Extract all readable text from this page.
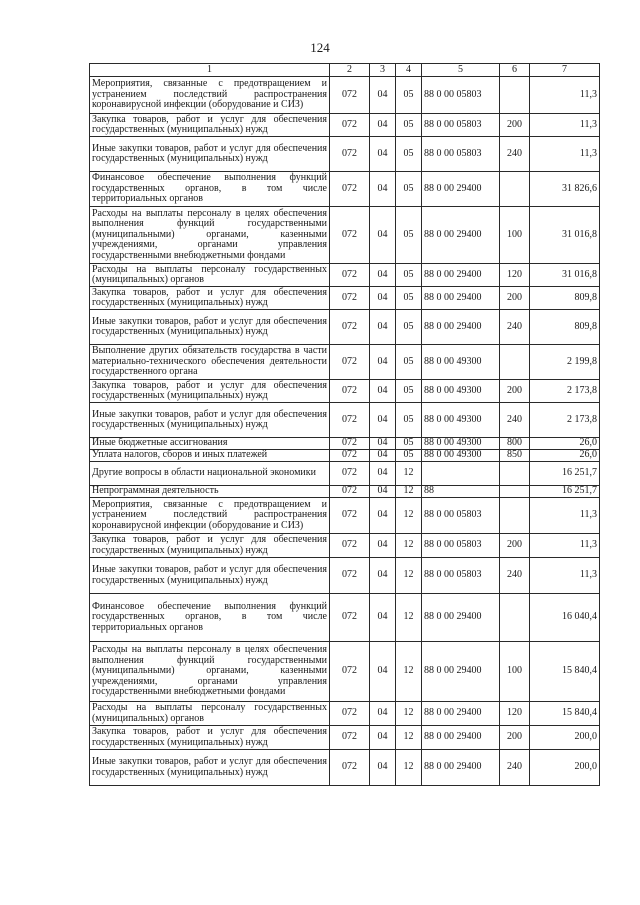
124
1	2	3	4	5	6	7
Мероприятия, связанные с предотвращением и устранением последствий распространения коронавирусной инфекции (оборудование и СИЗ)	072	04	05	88 0 00 05803		11,3
Закупка товаров, работ и услуг для обеспечения государственных (муниципальных) нужд	072	04	05	88 0 00 05803	200	11,3
Иные закупки товаров, работ и услуг для обеспечения государственных (муниципальных) нужд	072	04	05	88 0 00 05803	240	11,3
Финансовое обеспечение выполнения функций государственных органов, в том числе территориальных органов	072	04	05	88 0 00 29400		31 826,6
Расходы на выплаты персоналу в целях обеспечения выполнения функций государственными (муниципальными) органами, казенными учреждениями, органами управления государственными внебюджетными фондами	072	04	05	88 0 00 29400	100	31 016,8
Расходы на выплаты персоналу государственных (муниципальных) органов	072	04	05	88 0 00 29400	120	31 016,8
Закупка товаров, работ и услуг для обеспечения государственных (муниципальных) нужд	072	04	05	88 0 00 29400	200	809,8
Иные закупки товаров, работ и услуг для обеспечения государственных (муниципальных) нужд	072	04	05	88 0 00 29400	240	809,8
Выполнение других обязательств государства в части материально-технического обеспечения деятельности государственного органа	072	04	05	88 0 00 49300		2 199,8
Закупка товаров, работ и услуг для обеспечения государственных (муниципальных) нужд	072	04	05	88 0 00 49300	200	2 173,8
Иные закупки товаров, работ и услуг для обеспечения государственных (муниципальных) нужд	072	04	05	88 0 00 49300	240	2 173,8
Иные бюджетные ассигнования	072	04	05	88 0 00 49300	800	26,0
Уплата налогов, сборов и иных платежей	072	04	05	88 0 00 49300	850	26,0
Другие вопросы в области национальной экономики	072	04	12			16 251,7
Непрограммная деятельность	072	04	12	88		16 251,7
Мероприятия, связанные с предотвращением и устранением последствий распространения коронавирусной инфекции (оборудование и СИЗ)	072	04	12	88 0 00 05803		11,3
Закупка товаров, работ и услуг для обеспечения государственных (муниципальных) нужд	072	04	12	88 0 00 05803	200	11,3
Иные закупки товаров, работ и услуг для обеспечения государственных (муниципальных) нужд	072	04	12	88 0 00 05803	240	11,3
Финансовое обеспечение выполнения функций государственных органов, в том числе территориальных органов	072	04	12	88 0 00 29400		16 040,4
Расходы на выплаты персоналу в целях обеспечения выполнения функций государственными (муниципальными) органами, казенными учреждениями, органами управления государственными внебюджетными фондами	072	04	12	88 0 00 29400	100	15 840,4
Расходы на выплаты персоналу государственных (муниципальных) органов	072	04	12	88 0 00 29400	120	15 840,4
Закупка товаров, работ и услуг для обеспечения государственных (муниципальных) нужд	072	04	12	88 0 00 29400	200	200,0
Иные закупки товаров, работ и услуг для обеспечения государственных (муниципальных) нужд	072	04	12	88 0 00 29400	240	200,0
